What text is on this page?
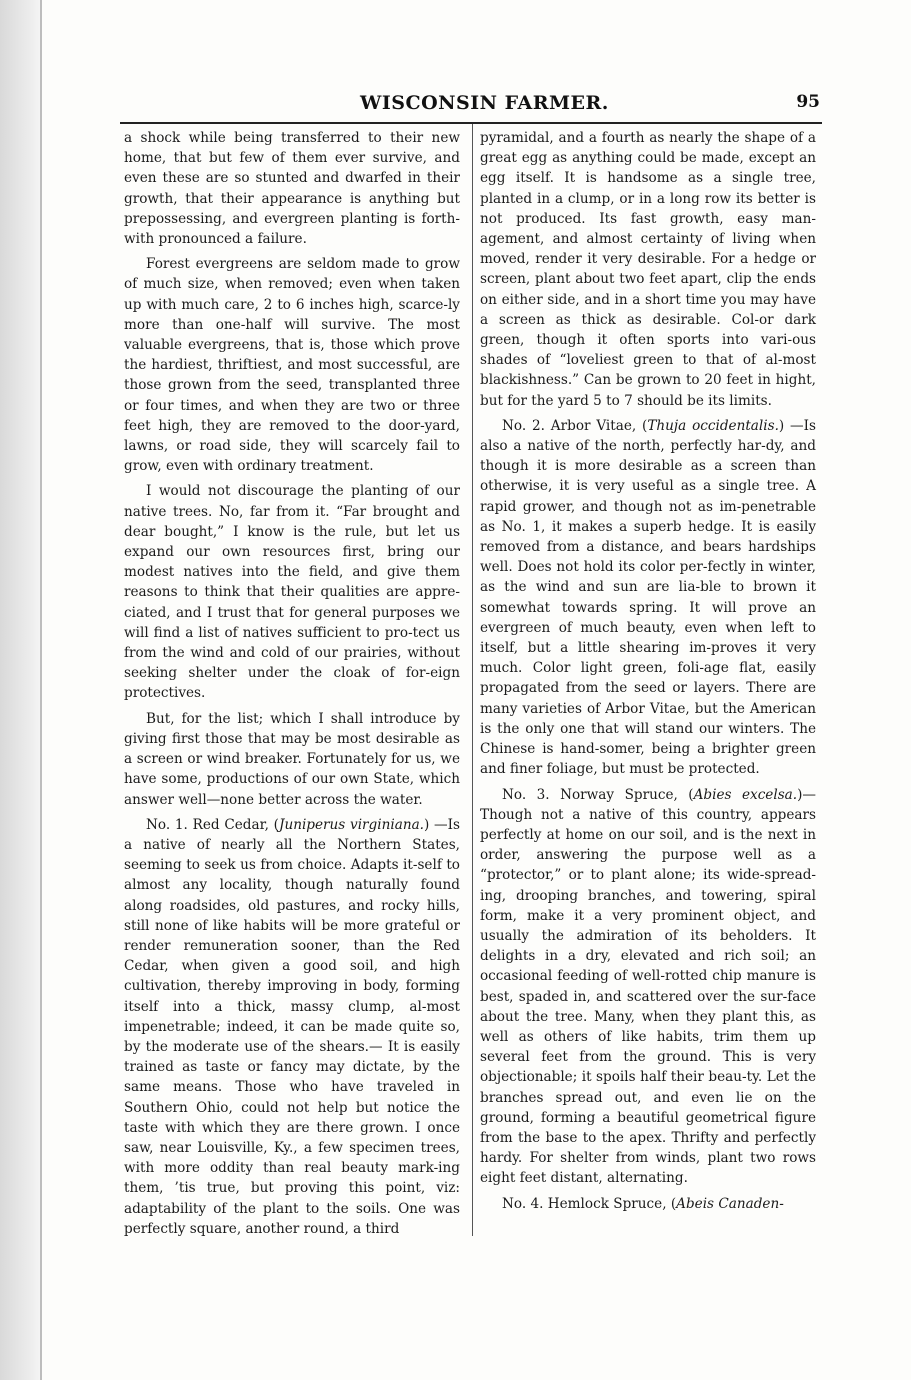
WISCONSIN FARMER.	95

a shock while being transferred to their new home, that but few of them ever survive, and even these are so stunted and dwarfed in their growth, that their appearance is anything but prepossessing, and evergreen planting is forth-with pronounced a failure.

Forest evergreens are seldom made to grow of much size, when removed; even when taken up with much care, 2 to 6 inches high, scarce-ly more than one-half will survive. The most valuable evergreens, that is, those which prove the hardiest, thriftiest, and most successful, are those grown from the seed, transplanted three or four times, and when they are two or three feet high, they are removed to the door-yard, lawns, or road side, they will scarcely fail to grow, even with ordinary treatment.

I would not discourage the planting of our native trees. No, far from it. “Far brought and dear bought,” I know is the rule, but let us expand our own resources first, bring our modest natives into the field, and give them reasons to think that their qualities are appre-ciated, and I trust that for general purposes we will find a list of natives sufficient to pro-tect us from the wind and cold of our prairies, without seeking shelter under the cloak of for-eign protectives.

But, for the list; which I shall introduce by giving first those that may be most desirable as a screen or wind breaker. Fortunately for us, we have some, productions of our own State, which answer well—none better across the water.

No. 1. Red Cedar, (Juniperus virginiana.) —Is a native of nearly all the Northern States, seeming to seek us from choice. Adapts it-self to almost any locality, though naturally found along roadsides, old pastures, and rocky hills, still none of like habits will be more grateful or render remuneration sooner, than the Red Cedar, when given a good soil, and high cultivation, thereby improving in body, forming itself into a thick, massy clump, al-most impenetrable; indeed, it can be made quite so, by the moderate use of the shears.— It is easily trained as taste or fancy may dictate, by the same means. Those who have traveled in Southern Ohio, could not help but notice the taste with which they are there grown. I once saw, near Louisville, Ky., a few specimen trees, with more oddity than real beauty mark-ing them, ’tis true, but proving this point, viz: adaptability of the plant to the soils. One was perfectly square, another round, a third

pyramidal, and a fourth as nearly the shape of a great egg as anything could be made, except an egg itself. It is handsome as a single tree, planted in a clump, or in a long row its better is not produced. Its fast growth, easy man-agement, and almost certainty of living when moved, render it very desirable. For a hedge or screen, plant about two feet apart, clip the ends on either side, and in a short time you may have a screen as thick as desirable. Col-or dark green, though it often sports into vari-ous shades of “loveliest green to that of al-most blackishness.” Can be grown to 20 feet in hight, but for the yard 5 to 7 should be its limits.

No. 2. Arbor Vitae, (Thuja occidentalis.) —Is also a native of the north, perfectly har-dy, and though it is more desirable as a screen than otherwise, it is very useful as a single tree. A rapid grower, and though not as im-penetrable as No. 1, it makes a superb hedge. It is easily removed from a distance, and bears hardships well. Does not hold its color per-fectly in winter, as the wind and sun are lia-ble to brown it somewhat towards spring. It will prove an evergreen of much beauty, even when left to itself, but a little shearing im-proves it very much. Color light green, foli-age flat, easily propagated from the seed or layers. There are many varieties of Arbor Vitae, but the American is the only one that will stand our winters. The Chinese is hand-somer, being a brighter green and finer foliage, but must be protected.

No. 3. Norway Spruce, (Abies excelsa.)— Though not a native of this country, appears perfectly at home on our soil, and is the next in order, answering the purpose well as a “protector,” or to plant alone; its wide-spread-ing, drooping branches, and towering, spiral form, make it a very prominent object, and usually the admiration of its beholders. It delights in a dry, elevated and rich soil; an occasional feeding of well-rotted chip manure is best, spaded in, and scattered over the sur-face about the tree. Many, when they plant this, as well as others of like habits, trim them up several feet from the ground. This is very objectionable; it spoils half their beau-ty. Let the branches spread out, and even lie on the ground, forming a beautiful geometrical figure from the base to the apex. Thrifty and perfectly hardy. For shelter from winds, plant two rows eight feet distant, alternating.

No. 4. Hemlock Spruce, (Abeis Canaden-
